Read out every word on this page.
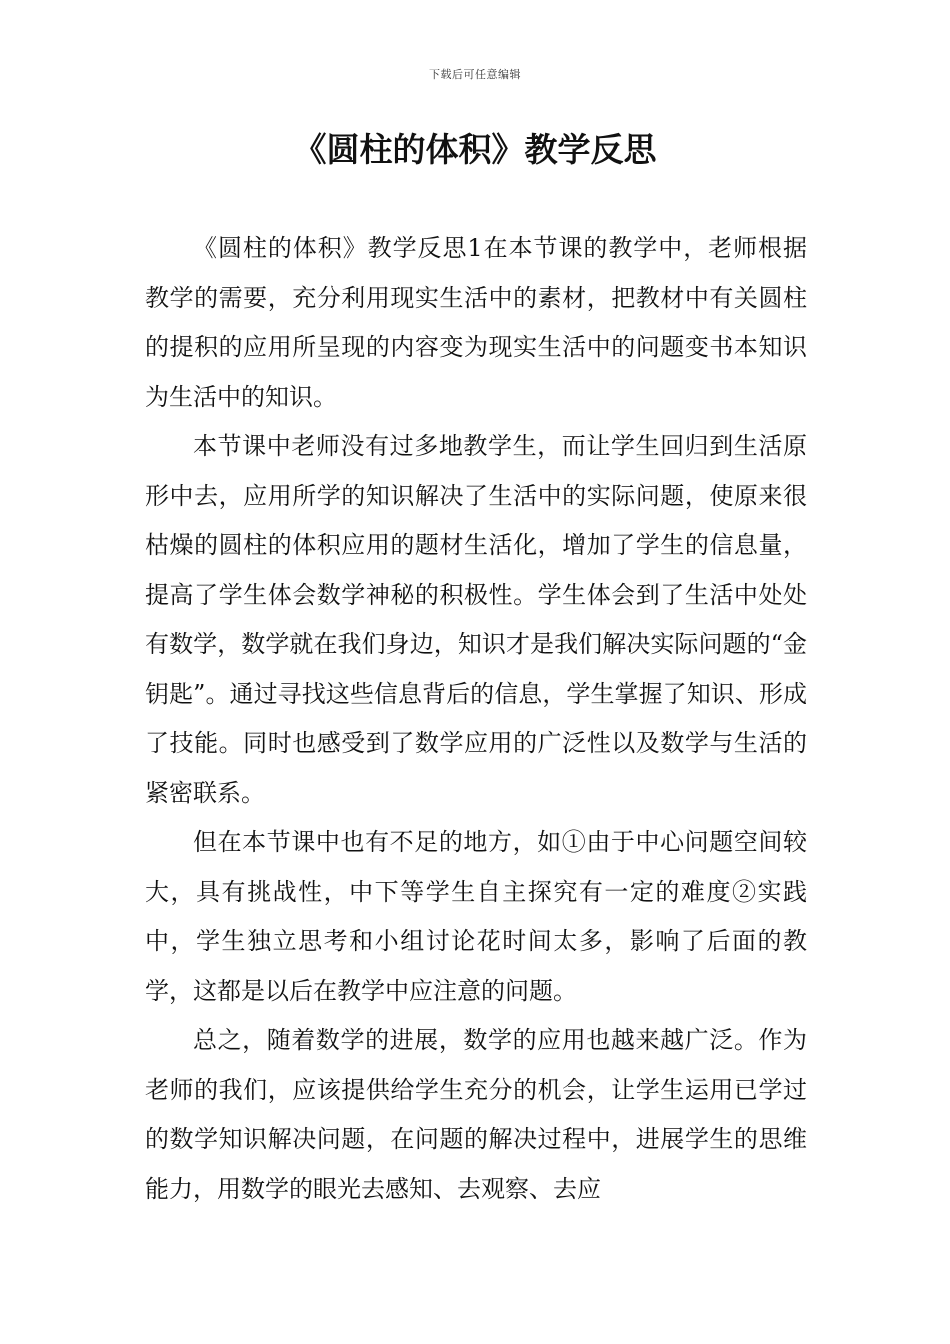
下载后可任意编辑
《圆柱的体积》教学反思

《圆柱的体积》教学反思1在本节课的教学中，老师根据教学的需要，充分利用现实生活中的素材，把教材中有关圆柱的提积的应用所呈现的内容变为现实生活中的问题变书本知识为生活中的知识。

本节课中老师没有过多地教学生，而让学生回归到生活原形中去，应用所学的知识解决了生活中的实际问题，使原来很枯燥的圆柱的体积应用的题材生活化，增加了学生的信息量，提高了学生体会数学神秘的积极性。学生体会到了生活中处处有数学，数学就在我们身边，知识才是我们解决实际问题的“金钥匙”。通过寻找这些信息背后的信息，学生掌握了知识、形成了技能。同时也感受到了数学应用的广泛性以及数学与生活的紧密联系。

但在本节课中也有不足的地方，如①由于中心问题空间较大，具有挑战性，中下等学生自主探究有一定的难度②实践中，学生独立思考和小组讨论花时间太多，影响了后面的教学，这都是以后在教学中应注意的问题。

总之，随着数学的进展，数学的应用也越来越广泛。作为老师的我们，应该提供给学生充分的机会，让学生运用已学过的数学知识解决问题，在问题的解决过程中，进展学生的思维能力，用数学的眼光去感知、去观察、去应
